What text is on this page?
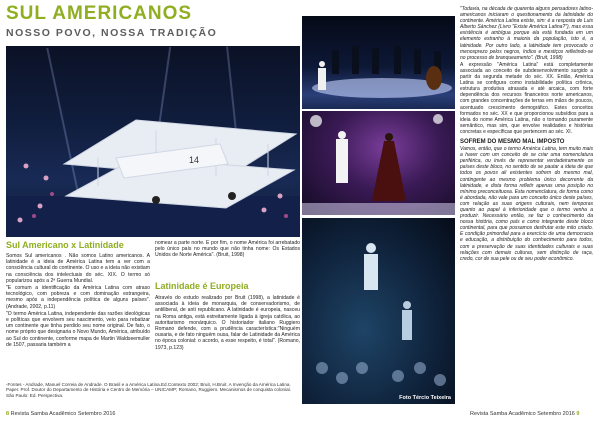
SUL AMERICANOS
NOSSO POVO, NOSSA TRADIÇÃO
14
Sul Americano x Latinidade

Somos Sul americanos . Não somos Latino americanos. A latinidade é a ideia de América Latina tem a ver com a consciência cultural do continente. O uso e a ideia não existiam na consciência dos intelectuais do séc. XIX. O termo só popularizou após a 2ª Guerra Mundial.

"E comum a identificação da América Latina com atraso tecnológico, com pobreza e com dominação estrangeira, mesmo após a independência política de alguns países". (Andrade, 2002, p.11)

"O termo América Latina, independente das razões ideológicas e políticas que envolvem seu nascimento, veio para rebatizar um continente que tinha perdido seu nome original. De fato, o nome próprio que designaria o Novo Mundo, América, atribuído ao Sul do continente, conforme mapa de Martin Waldseemuller de 1507, passaria também a

nomear a parte norte. E por fim, o nome América foi arrebatado pelo único país no mundo que não tinha nome: Os Estados Unidos de Norte América". (Bruit, 1998)

Latinidade é Europeia

Através do estudo realizado por Bruit (1998), a latinidade é associada à ideia de monarquia, de conservadorismo, de antiliberal, de anti republicano. A latinidade é europeia, nasceu na Roma antiga, está estreitamente ligada à igreja católica, ao autoritarismo monárquico. O historiador italiano Ruggiero Romano defende, com a prudência característica:"Ninguém ousaria, e de fato ninguém ousa, falar de Latinidade da América no época colonial: o acordo, a esse respeito, é total". (Romano, 1973, p.123)

-Fontes - Andrade, Manuel Correia de Andrade. O Brasil e a América Latina.Ed.Contexto 2002; Bruit, H.Bruit. A Invenção da América Latina. Paper. Prof. Doutor do Departamento de História e Centro de Memória – UNICAMP; Romano, Ruggiero. Mecanismos de conquista colonial. São Paulo: Ed. Perspectiva.	Foto Tércio Teixeira

"Todavia, na década de quarenta alguns pensadores latino-americanos iniciaram o questionamento da latinidade do continente. América Latina existe, sim: é a resposta de Luis Alberto Sánchez (Livro "Existe América Latina?"), mas essa existência é ambígua porque ela está fundada em um elemento estranho à maioria da população, isto é, a latinidade. Por outro lado, a latinidade tem provocado o menosprezo pelos negros, índios e mestiços refletindo-se no processo de branqueamento". (Bruit, 1998)

A expressão "América Latina" está completamente associada ao conceito de subdesenvolvimento surgido a partir da segunda metade do séc. XX. Então, América Latina se configura como instabilidade política crônica, estrutura produtiva atrasada e até arcaica, com forte dependência dos recursos financeiros norte americanos, com grandes concentrações de terras em mãos de poucos, acentuado crescimento demográfico. Estes conceitos formados no séc. XX e que proporcionou subsídios para a ideia do nome América Latina, não o tornando puramente semântico, mas sim, que envolve realidades e histórias concretas e específicas que pertencem ao séc. XI.

SOFREM DO MESMO MAL IMPOSTO

Vamos, então, que o termo América Latina, tem muito mais a haver com um conceito de se criar uma nomenclatura periférica, ou invés de representar verdadeiramente os países deste bloco, no sentido de se pautar a ideia de que todos os povos ali existentes sofrem do mesmo mal, contingente ao mesmo problema único decorrente da latinidade, e dista forma refletir apenas uma posição no mínimo preconceituosa. Esta nomenclatura, de forma como é abordada, não vale para um conceito único deste países, com relação as suas origens culturais, nem temporas quanto ao papel à inferioridade que o termo venha a produzir. Necessário então, se faz o conhecimento da nossa história, como país e como integrante deste bloco continental, para que possamos desfrutar este mito criado. E condição primordial para a exercício de uma democracia e educação, a distribuição do conhecimento para todos, com a preservação de suas identidades culturais e suas relações com demais culturas, sem distinção de raça, credo, cor de sua pele ou de seu poder econômico.

8 Revista Samba Acadêmico Setembro 2016	Revista Samba Acadêmico Setembro 2016 9
